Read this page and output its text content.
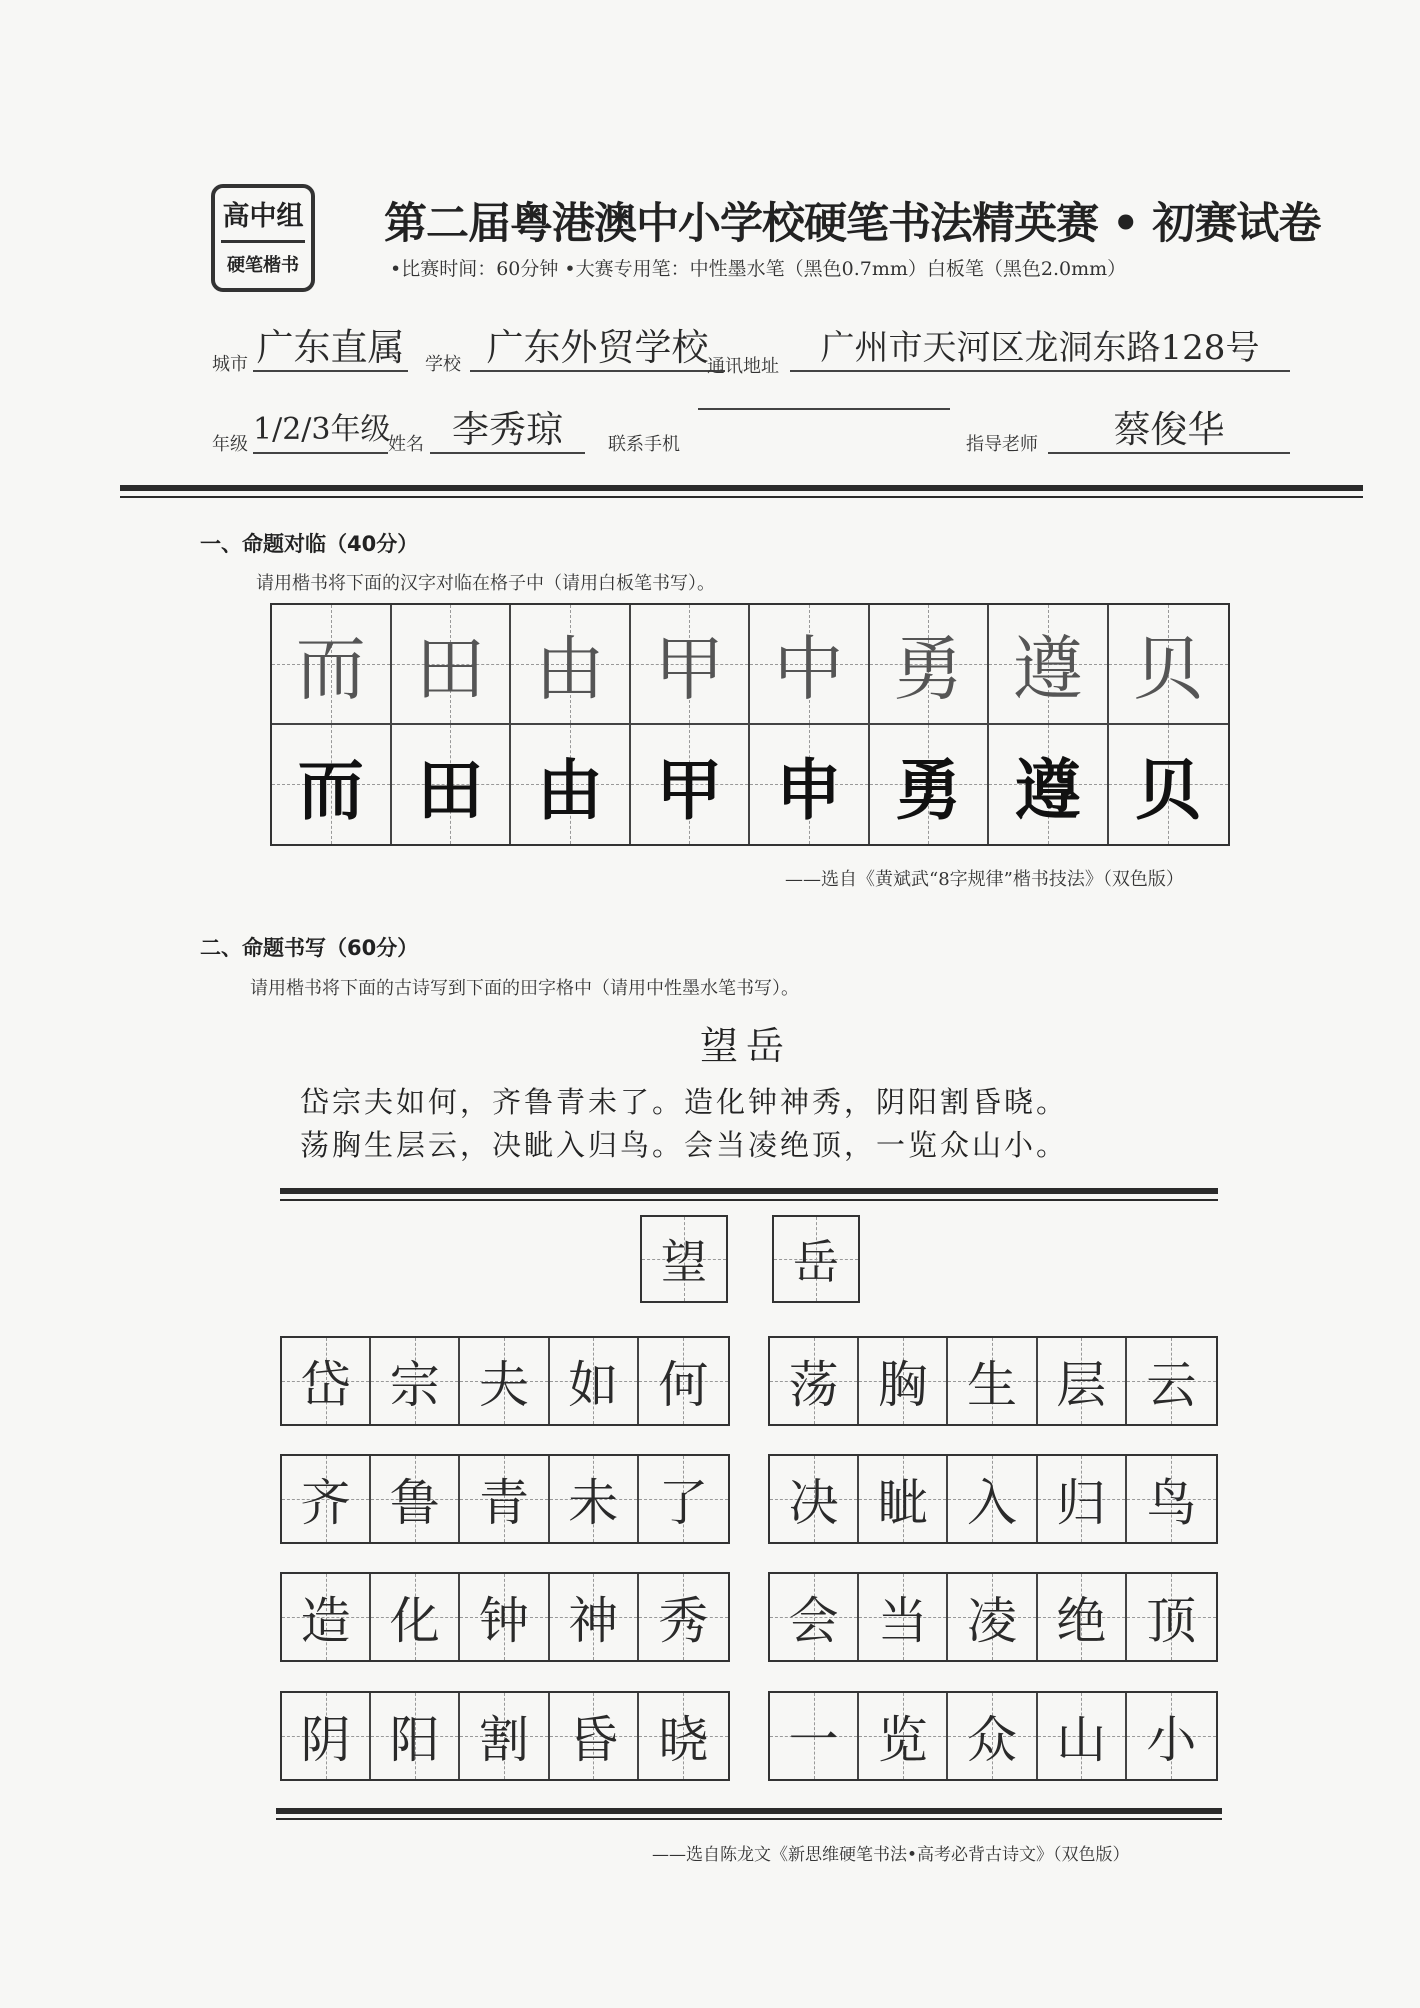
高中组
硬笔楷书
第二届粤港澳中小学校硬笔书法精英赛 • 初赛试卷
•比赛时间：60分钟 •大赛专用笔：中性墨水笔（黑色0.7mm）白板笔（黑色2.0mm）
城市 广东直属 学校 广东外贸学校
通讯地址	广州市天河区龙洞东路128号
年级 1/2/3年级
姓名 李秀琼	联系手机	指导老师	蔡俊华
一、命题对临（40分）
请用楷书将下面的汉字对临在格子中（请用白板笔书写）。
而 田 由 甲 中 勇 遵 贝
而 田 由 甲 申 勇 遵 贝
——选自《黄斌武“8字规律”楷书技法》（双色版）
二、命题书写（60分）
请用楷书将下面的古诗写到下面的田字格中（请用中性墨水笔书写）。
望岳
岱宗夫如何，齐鲁青未了。造化钟神秀，阴阳割昏晓。
荡胸生层云，决眦入归鸟。会当凌绝顶，一览众山小。
望 岳
岱 宗 夫 如 何
齐 鲁 青 未 了
造 化 钟 神 秀
阴 阳 割 昏 晓
荡 胸 生 层 云
决 眦 入 归 鸟
会 当 凌 绝 顶
一 览 众 山 小
——选自陈龙文《新思维硬笔书法•高考必背古诗文》（双色版）
